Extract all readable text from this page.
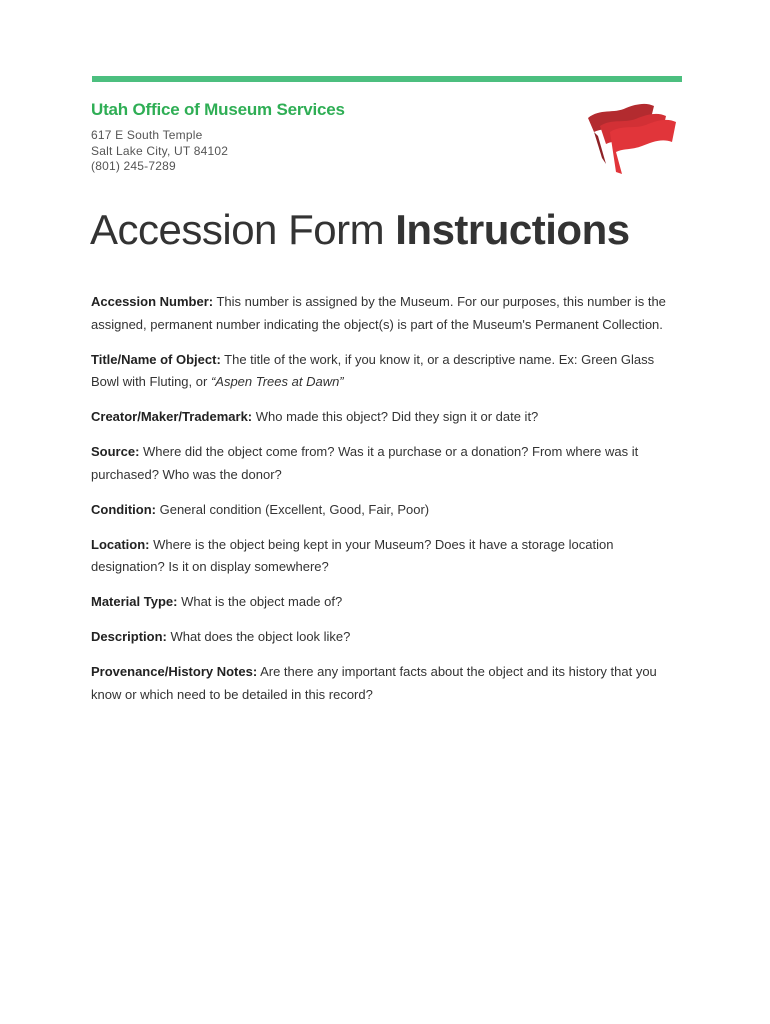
Utah Office of Museum Services
617 E South Temple
Salt Lake City, UT 84102
(801) 245-7289
Accession Form Instructions

Accession Number: This number is assigned by the Museum. For our purposes, this number is the assigned, permanent number indicating the object(s) is part of the Museum's Permanent Collection.

Title/Name of Object: The title of the work, if you know it, or a descriptive name. Ex: Green Glass Bowl with Fluting, or “Aspen Trees at Dawn”

Creator/Maker/Trademark: Who made this object? Did they sign it or date it?

Source: Where did the object come from? Was it a purchase or a donation? From where was it purchased? Who was the donor?

Condition: General condition (Excellent, Good, Fair, Poor)

Location: Where is the object being kept in your Museum? Does it have a storage location designation? Is it on display somewhere?

Material Type: What is the object made of?

Description: What does the object look like?

Provenance/History Notes: Are there any important facts about the object and its history that you know or which need to be detailed in this record?
